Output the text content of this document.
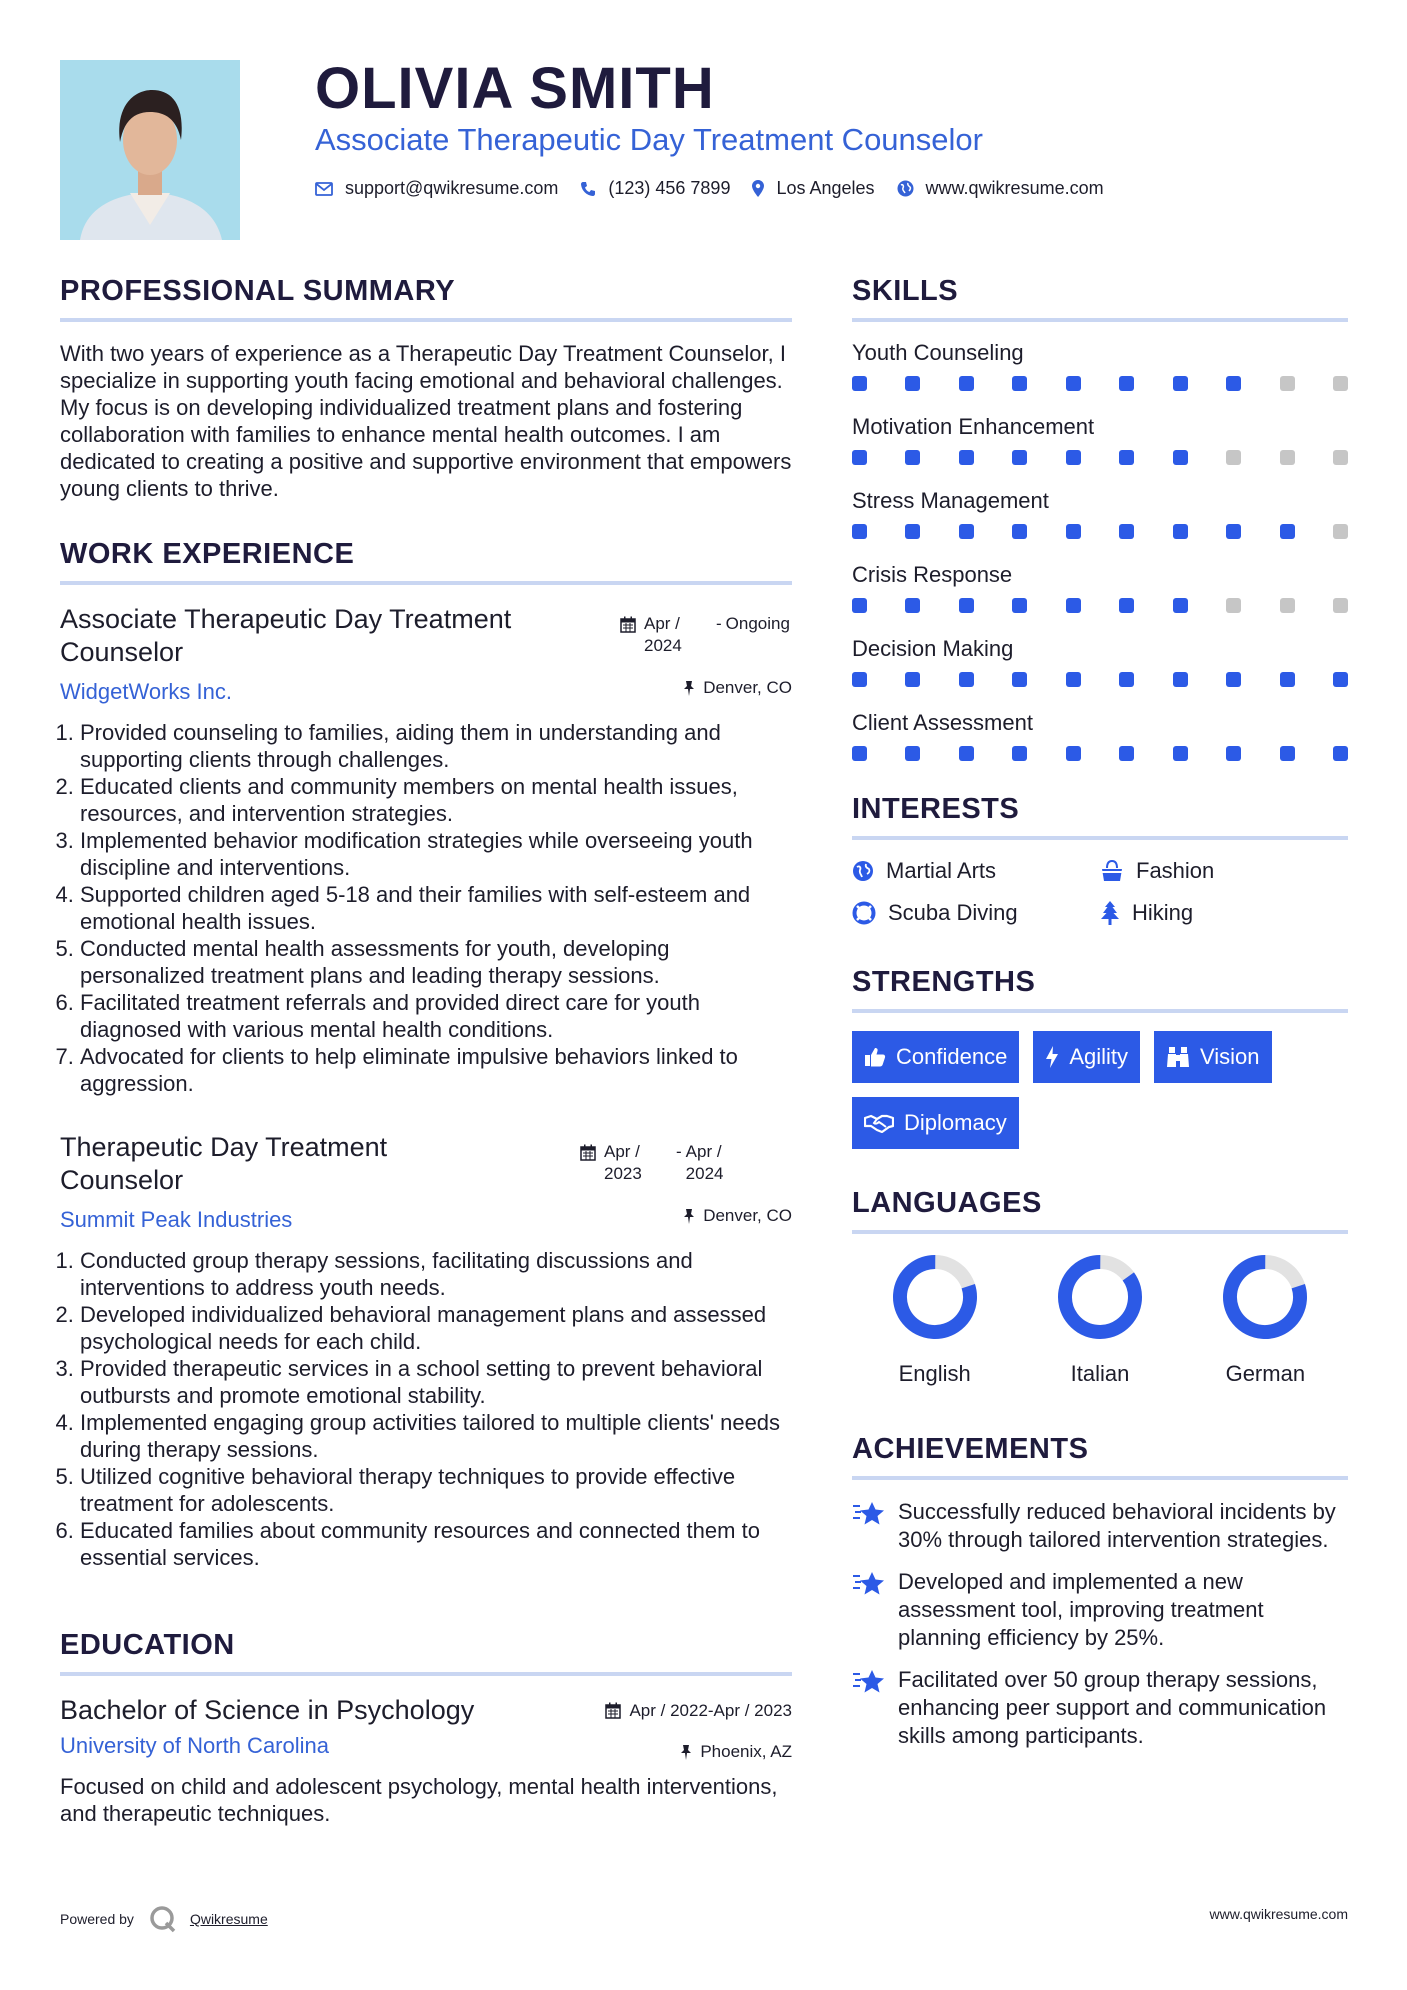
OLIVIA SMITH
Associate Therapeutic Day Treatment Counselor
support@qwikresume.com	(123) 456 7899	Los Angeles	www.qwikresume.com
PROFESSIONAL SUMMARY
With two years of experience as a Therapeutic Day Treatment Counselor, I specialize in supporting youth facing emotional and behavioral challenges. My focus is on developing individualized treatment plans and fostering collaboration with families to enhance mental health outcomes. I am dedicated to creating a positive and supportive environment that empowers young clients to thrive.
WORK EXPERIENCE
Associate Therapeutic Day Treatment Counselor
Apr / 2024
- Ongoing
WidgetWorks Inc.	Denver, CO
1. Provided counseling to families, aiding them in understanding and supporting clients through challenges.
2. Educated clients and community members on mental health issues, resources, and intervention strategies.
3. Implemented behavior modification strategies while overseeing youth discipline and interventions.
4. Supported children aged 5-18 and their families with self-esteem and emotional health issues.
5. Conducted mental health assessments for youth, developing personalized treatment plans and leading therapy sessions.
6. Facilitated treatment referrals and provided direct care for youth diagnosed with various mental health conditions.
7. Advocated for clients to help eliminate impulsive behaviors linked to aggression.
Therapeutic Day Treatment Counselor
Apr / 2023
- Apr / 2024
Summit Peak Industries	Denver, CO
1. Conducted group therapy sessions, facilitating discussions and interventions to address youth needs.
2. Developed individualized behavioral management plans and assessed psychological needs for each child.
3. Provided therapeutic services in a school setting to prevent behavioral outbursts and promote emotional stability.
4. Implemented engaging group activities tailored to multiple clients' needs during therapy sessions.
5. Utilized cognitive behavioral therapy techniques to provide effective treatment for adolescents.
6. Educated families about community resources and connected them to essential services.
EDUCATION
Bachelor of Science in Psychology	Apr / 2022-Apr / 2023
University of North Carolina	Phoenix, AZ
Focused on child and adolescent psychology, mental health interventions, and therapeutic techniques.
SKILLS
Youth Counseling
Motivation Enhancement
Stress Management
Crisis Response
Decision Making
Client Assessment
INTERESTS
Martial Arts	Fashion
Scuba Diving	Hiking
STRENGTHS
Confidence	Agility	Vision
Diplomacy
LANGUAGES
English	Italian	German
ACHIEVEMENTS
Successfully reduced behavioral incidents by 30% through tailored intervention strategies.
Developed and implemented a new assessment tool, improving treatment planning efficiency by 25%.
Facilitated over 50 group therapy sessions, enhancing peer support and communication skills among participants.
Powered by	Qwikresume	www.qwikresume.com
